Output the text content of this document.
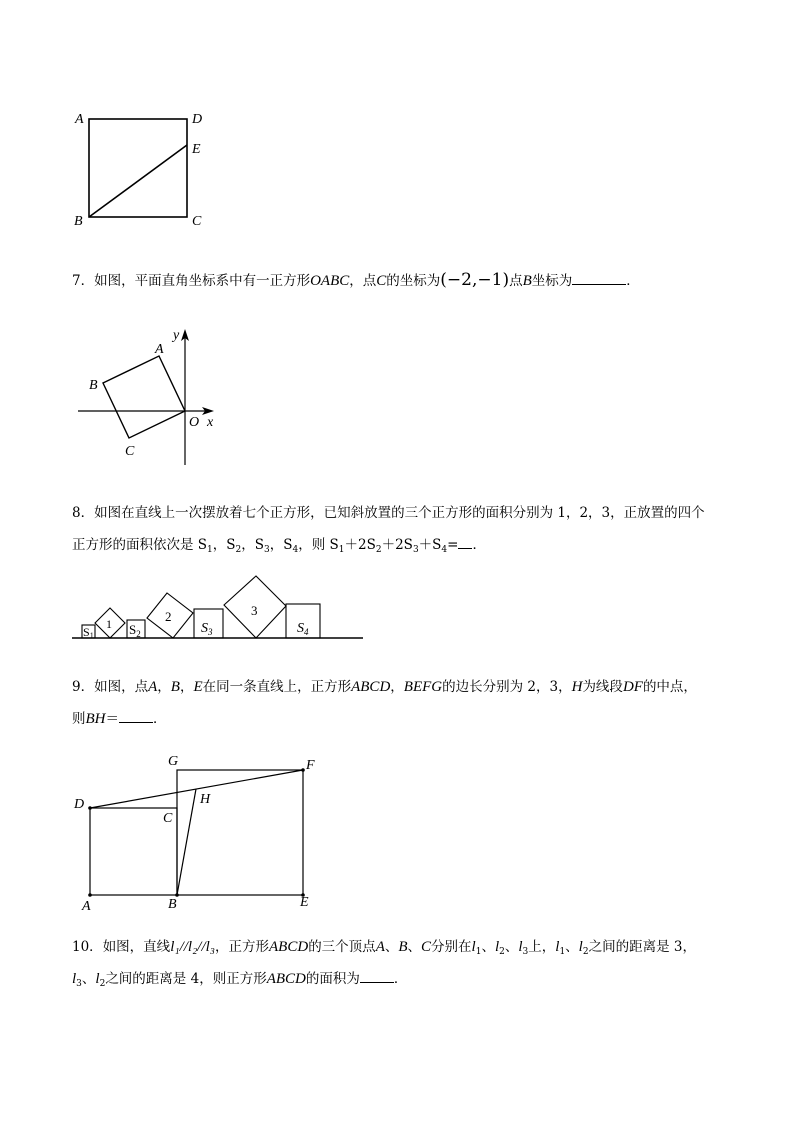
A	D
E
B	C

7．如图，平面直角坐标系中有一正方形OABC，点C的坐标为(−2,−1)点B坐标为	．

y
x
O
A
B
C

8．如图在直线上一次摆放着七个正方形，已知斜放置的三个正方形的面积分别为 1，2，3，正放置的四个

正方形的面积依次是 $S_1$，$S_2$，$S_3$，$S_4$，则 $S_1+2S_2+2S_3+S_4=$ ．

S1
1 $S_2$
2
$S_3$
3
$S_4$

9．如图，点A，B，E在同一条直线上，正方形ABCD，BEFG的边长分别为 2，3，H为线段DF的中点，

则BH＝	．

G	F
H
D
C
A	B	E

10．如图，直线l₁//l₂//l₃，正方形ABCD的三个顶点A、B、C分别在$l_1$、$l_2$、$l_3$上，$l_1$、$l_2$之间的距离是 3，

$l_3$、$l_2$之间的距离是 4，则正方形ABCD的面积为	．
